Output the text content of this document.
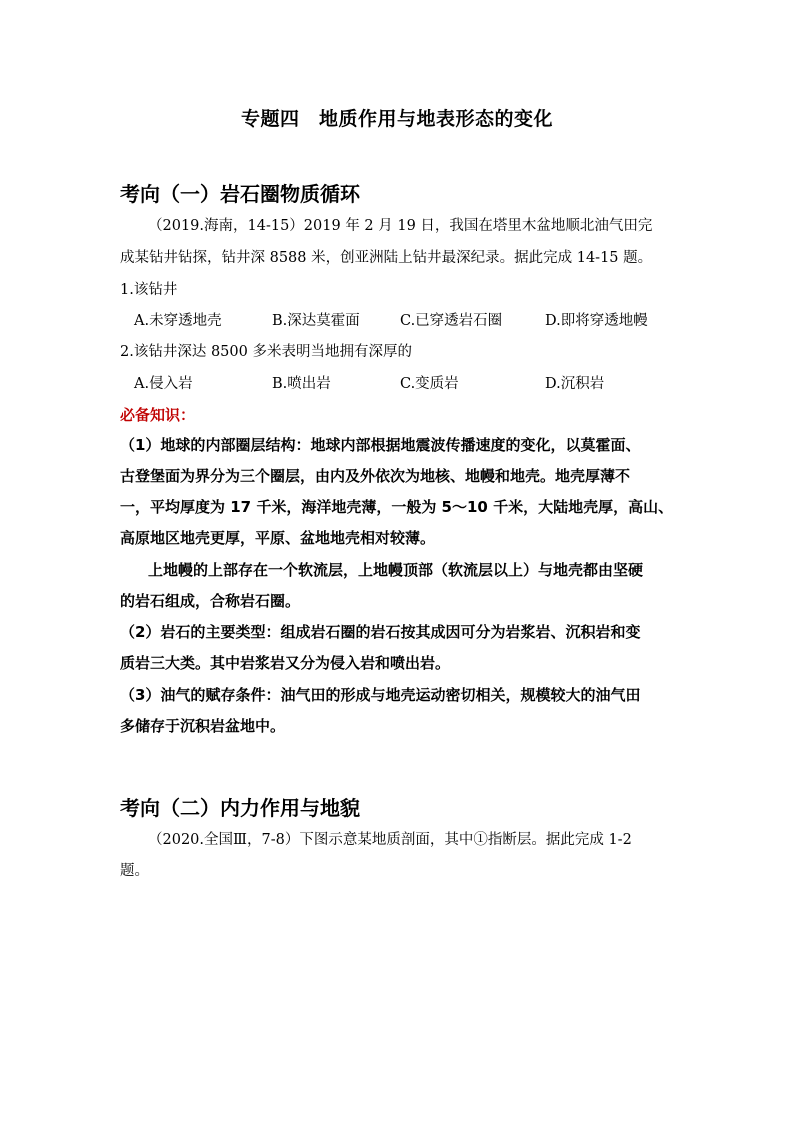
专题四　地质作用与地表形态的变化
考向（一）岩石圈物质循环
（2019.海南，14-15）2019 年 2 月 19 日，我国在塔里木盆地顺北油气田完
成某钻井钻探，钻井深 8588 米，创亚洲陆上钻井最深纪录。据此完成 14-15 题。
1.该钻井
A.未穿透地壳	B.深达莫霍面	C.已穿透岩石圈	D.即将穿透地幔
2.该钻井深达 8500 多米表明当地拥有深厚的
A.侵入岩	B.喷出岩	C.变质岩	D.沉积岩
必备知识：
（1）地球的内部圈层结构：地球内部根据地震波传播速度的变化，以莫霍面、
古登堡面为界分为三个圈层，由内及外依次为地核、地幔和地壳。地壳厚薄不
一，平均厚度为 17 千米，海洋地壳薄，一般为 5～10 千米，大陆地壳厚，高山、
高原地区地壳更厚，平原、盆地地壳相对较薄。
上地幔的上部存在一个软流层，上地幔顶部（软流层以上）与地壳都由坚硬
的岩石组成，合称岩石圈。
（2）岩石的主要类型：组成岩石圈的岩石按其成因可分为岩浆岩、沉积岩和变
质岩三大类。其中岩浆岩又分为侵入岩和喷出岩。
（3）油气的赋存条件：油气田的形成与地壳运动密切相关，规模较大的油气田
多储存于沉积岩盆地中。
考向（二）内力作用与地貌
（2020.全国Ⅲ，7-8）下图示意某地质剖面，其中①指断层。据此完成 1-2
题。
